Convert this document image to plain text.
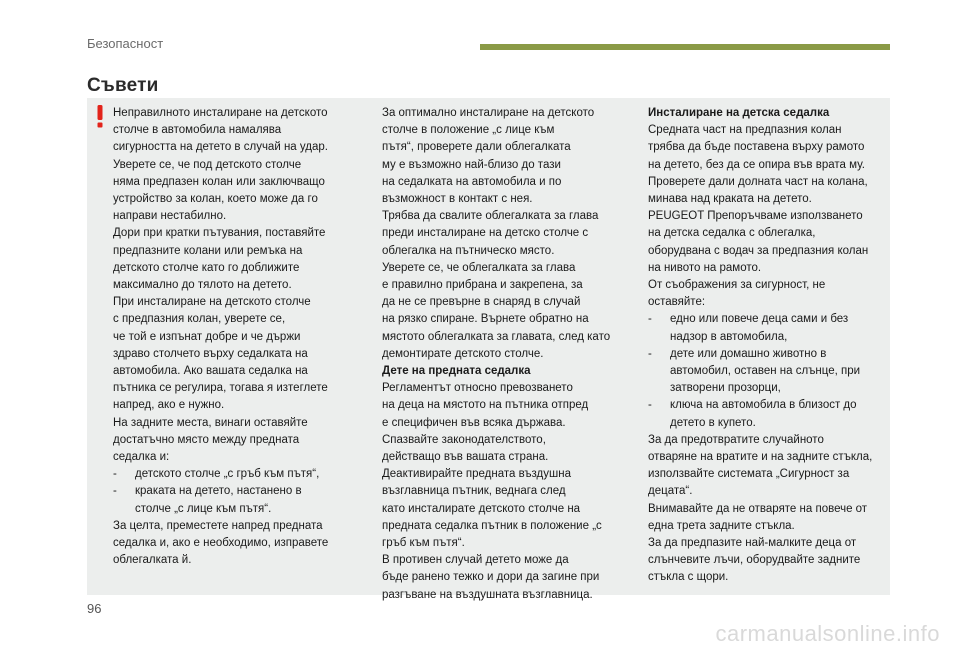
Безопасност

Съвети

Неправилното инсталиране на детското
столче в автомобила намалява
сигурността на детето в случай на удар.

Уверете се, че под детското столче
няма предпазен колан или заключващо
устройство за колан, което може да го
направи нестабилно.

Дори при кратки пътувания, поставяйте
предпазните колани или ремъка на
детското столче като го доближите
максимално до тялото на детето.

При инсталиране на детското столче
с предпазния колан, уверете се,
че той е изпънат добре и че държи
здраво столчето върху седалката на
автомобила. Ако вашата седалка на
пътника се регулира, тогава я изтеглете
напред, ако е нужно.

На задните места, винаги оставяйте
достатъчно място между предната
седалка и:

-	детското столче „с гръб към пътя“,
-	краката на детето, настанено в
столче „с лице към пътя“.

За целта, преместете напред предната
седалка и, ако е необходимо, изправете
облегалката й.

За оптимално инсталиране на детското
столче в положение „с лице към
пътя“, проверете дали облегалката
му е възможно най-близо до тази
на седалката на автомобила и по
възможност в контакт с нея.

Трябва да свалите облегалката за глава
преди инсталиране на детско столче с
облегалка на пътническо място.

Уверете се, че облегалката за глава
е правилно прибрана и закрепена, за
да не се превърне в снаряд в случай
на рязко спиране. Върнете обратно на
мястото облегалката за главата, след като
демонтирате детското столче.

Дете на предната седалка

Регламентът относно превозването
на деца на мястото на пътника отпред
е специфичен във всяка държава.
Спазвайте законодателството,
действащо във вашата страна.

Деактивирайте предната въздушна
възглавница пътник, веднага след
като инсталирате детското столче на
предната седалка пътник в положение „с
гръб към пътя“.

В противен случай детето може да
бъде ранено тежко и дори да загине при
разгъване на въздушната възглавница.

Инсталиране на детска седалка

Средната част на предпазния колан
трябва да бъде поставена върху рамото
на детето, без да се опира във врата му.

Проверете дали долната част на колана,
минава над краката на детето.

PEUGEOT Препоръчваме използването
на детска седалка с облегалка,
оборудвана с водач за предпазния колан
на нивото на рамото.

От съображения за сигурност, не
оставяйте:

-	едно или повече деца сами и без
надзор в автомобила,
-	дете или домашно животно в
автомобил, оставен на слънце, при
затворени прозорци,
-	ключа на автомобила в близост до
детето в купето.

За да предотвратите случайното
отваряне на вратите и на задните стъкла,
използвайте системата „Сигурност за
децата“.

Внимавайте да не отваряте на повече от
една трета задните стъкла.

За да предпазите най-малките деца от
слънчевите лъчи, оборудвайте задните
стъкла с щори.

96

carmanualsonline.info
